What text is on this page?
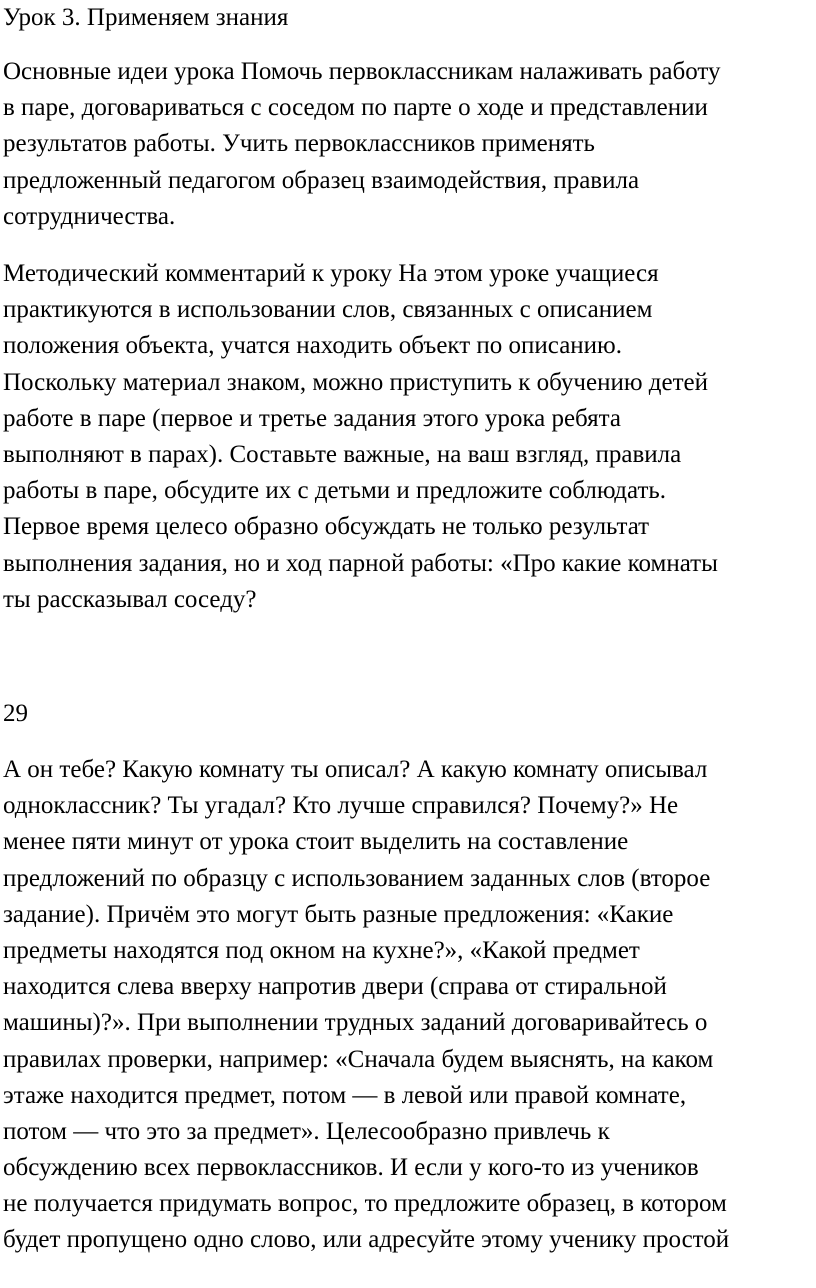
Урок 3. Применяем знания

Основные идеи урока Помочь первоклассникам налаживать работу
в паре, договариваться с соседом по парте о ходе и представлении
результатов работы. Учить первоклассников применять
предложенный педагогом образец взаимодействия, правила
сотрудничества.

Методический комментарий к уроку На этом уроке учащиеся
практикуются в использовании слов, связанных с описанием
положения объекта, учатся находить объект по описанию.
Поскольку материал знаком, можно приступить к обучению детей
работе в паре (первое и третье задания этого урока ребята
выполняют в парах). Составьте важные, на ваш взгляд, правила
работы в паре, обсудите их с детьми и предложите соблюдать.
Первое время целесо образно обсуждать не только результат
выполнения задания, но и ход парной работы: «Про какие комнаты
ты рассказывал соседу?

29

А он тебе? Какую комнату ты описал? А какую комнату описывал
одноклассник? Ты угадал? Кто лучше справился? Почему?» Не
менее пяти минут от урока стоит выделить на составление
предложений по образцу с использованием заданных слов (второе
задание). Причём это могут быть разные предложения: «Какие
предметы находятся под окном на кухне?», «Какой предмет
находится слева вверху напротив двери (справа от стиральной
машины)?». При выполнении трудных заданий договаривайтесь о
правилах проверки, например: «Сначала будем выяснять, на каком
этаже находится предмет, потом — в левой или правой комнате,
потом — что это за предмет». Целесообразно привлечь к
обсуждению всех первоклассников. И если у кого-то из учеников
не получается придумать вопрос, то предложите образец, в котором
будет пропущено одно слово, или адресуйте этому ученику простой
